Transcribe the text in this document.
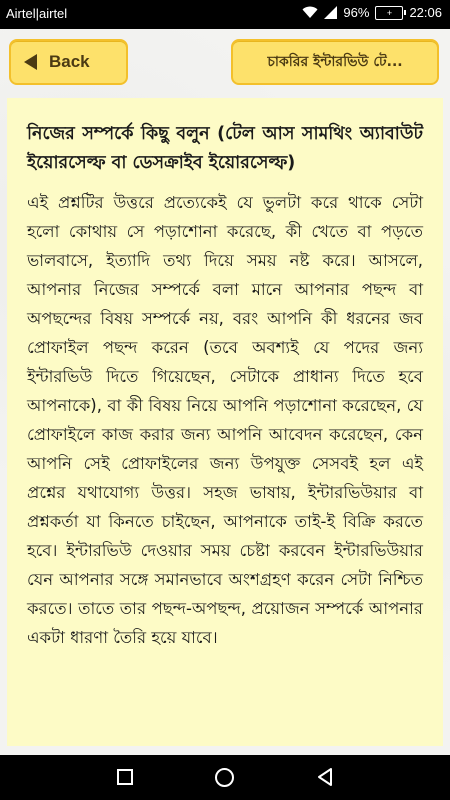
Airtel|airtel	96% + 22:06
Back	চাকরির ইন্টারভিউ টে...

নিজের সম্পর্কে কিছু বলুন (টেল আস সামথিং অ্যাবাউট ইয়োরসেল্ফ বা ডেসক্রাইব ইয়োরসেল্ফ)

এই প্রশ্নটির উত্তরে প্রত্যেকেই যে ভুলটা করে থাকে সেটা হলো কোথায় সে পড়াশোনা করেছে, কী খেতে বা পড়তে ভালবাসে, ইত্যাদি তথ্য দিয়ে সময় নষ্ট করে। আসলে, আপনার নিজের সম্পর্কে বলা মানে আপনার পছন্দ বা অপছন্দের বিষয় সম্পর্কে নয়, বরং আপনি কী ধরনের জব প্রোফাইল পছন্দ করেন (তবে অবশ্যই যে পদের জন্য ইন্টারভিউ দিতে গিয়েছেন, সেটাকে প্রাধান্য দিতে হবে আপনাকে), বা কী বিষয় নিয়ে আপনি পড়াশোনা করেছেন, যে প্রোফাইলে কাজ করার জন্য আপনি আবেদন করেছেন, কেন আপনি সেই প্রোফাইলের জন্য উপযুক্ত সেসবই হল এই প্রশ্নের যথাযোগ্য উত্তর। সহজ ভাষায়, ইন্টারভিউয়ার বা প্রশ্নকর্তা যা কিনতে চাইছেন, আপনাকে তাই-ই বিক্রি করতে হবে। ইন্টারভিউ দেওয়ার সময় চেষ্টা করবেন ইন্টারভিউয়ার যেন আপনার সঙ্গে সমানভাবে অংশগ্রহণ করেন সেটা নিশ্চিত করতে। তাতে তার পছন্দ-অপছন্দ, প্রয়োজন সম্পর্কে আপনার একটা ধারণা তৈরি হয়ে যাবে।
